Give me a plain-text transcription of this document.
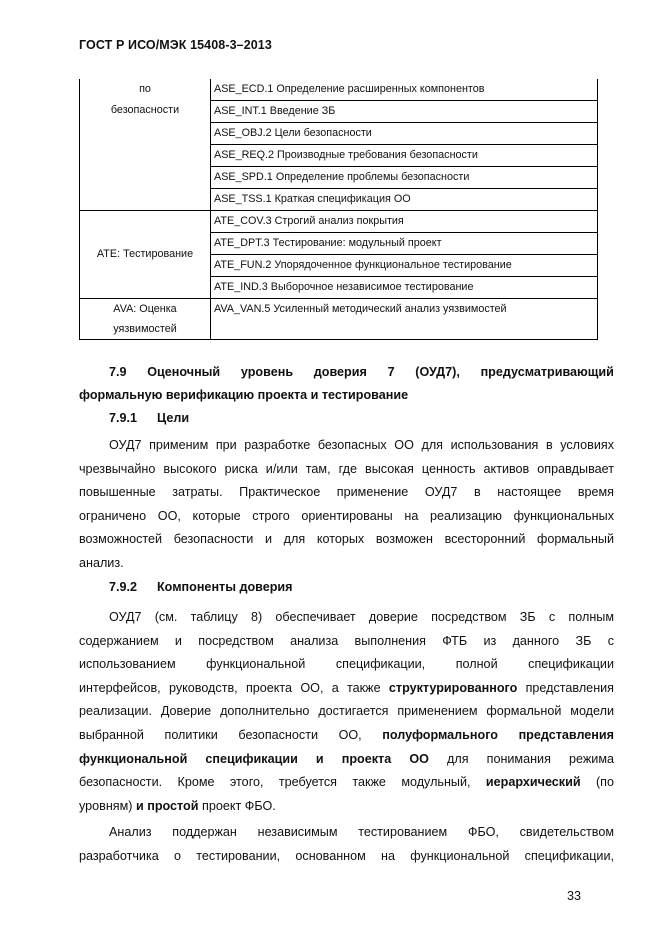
ГОСТ Р ИСО/МЭК 15408-3–2013
по
безопасности	ASE_ECD.1 Определение расширенных компонентов
	ASE_INT.1 Введение ЗБ
	ASE_OBJ.2 Цели безопасности
	ASE_REQ.2 Производные требования безопасности
	ASE_SPD.1 Определение проблемы безопасности
	ASE_TSS.1 Краткая спецификация ОО

ATE: Тестирование	ATE_COV.3 Строгий анализ покрытия
	ATE_DPT.3 Тестирование: модульный проект
	ATE_FUN.2 Упорядоченное функциональное тестирование
	ATE_IND.3 Выборочное независимое тестирование

AVA: Оценка
уязвимостей	AVA_VAN.5 Усиленный методический анализ уязвимостей
7.9 Оценочный уровень доверия 7 (ОУД7), предусматривающий
формальную верификацию проекта и тестирование
7.9.1 Цели
ОУД7 применим при разработке безопасных ОО для использования в условиях
чрезвычайно высокого риска и/или там, где высокая ценность активов оправдывает
повышенные затраты. Практическое применение ОУД7 в настоящее время
ограничено ОО, которые строго ориентированы на реализацию функциональных
возможностей безопасности и для которых возможен всесторонний формальный
анализ.
7.9.2 Компоненты доверия
ОУД7 (см. таблицу 8) обеспечивает доверие посредством ЗБ с полным
содержанием и посредством анализа выполнения ФТБ из данного ЗБ с
использованием функциональной спецификации, полной спецификации
интерфейсов, руководств, проекта ОО, а также структурированного представления
реализации. Доверие дополнительно достигается применением формальной модели
выбранной политики безопасности ОО, полуформального представления
функциональной спецификации и проекта ОО для понимания режима
безопасности. Кроме этого, требуется также модульный, иерархический (по
уровням) и простой проект ФБО.
Анализ поддержан независимым тестированием ФБО, свидетельством
разработчика о тестировании, основанном на функциональной спецификации,
33
